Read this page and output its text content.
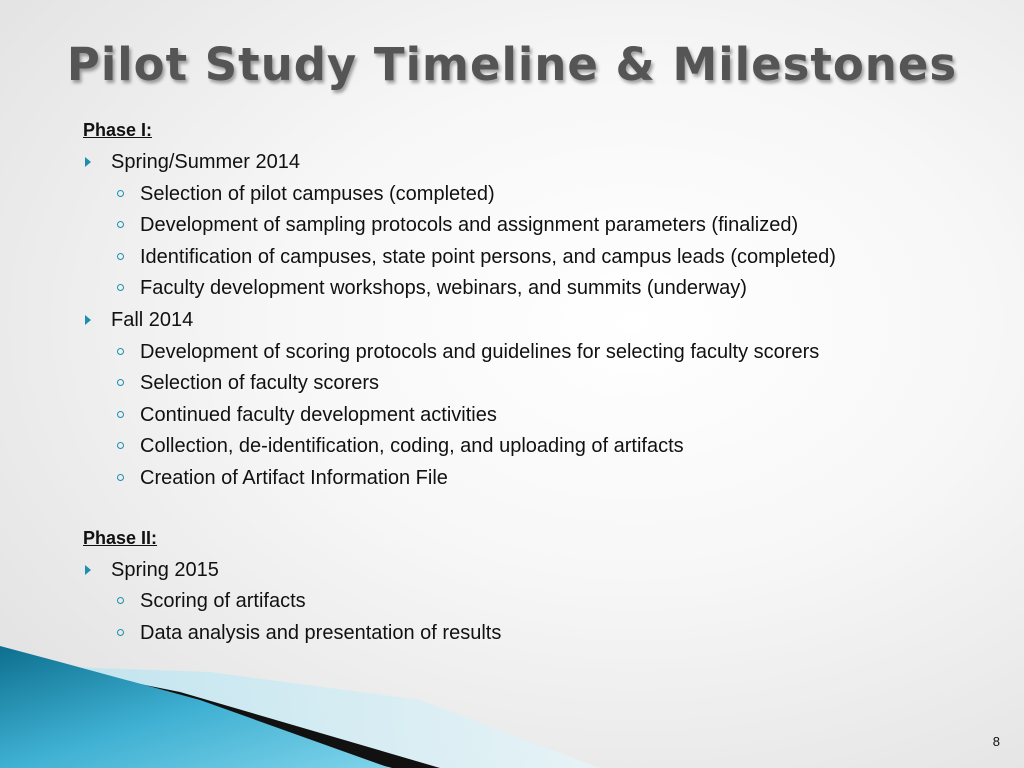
Pilot Study Timeline & Milestones
Phase I:
Spring/Summer 2014
Selection of pilot campuses (completed)
Development of sampling protocols and assignment parameters (finalized)
Identification of campuses, state point persons, and campus leads (completed)
Faculty development workshops, webinars, and summits (underway)
Fall 2014
Development of scoring protocols and guidelines for selecting faculty scorers
Selection of faculty scorers
Continued faculty development activities
Collection, de-identification, coding, and uploading of artifacts
Creation of Artifact Information File
Phase II:
Spring 2015
Scoring of artifacts
Data analysis and presentation of results
8
